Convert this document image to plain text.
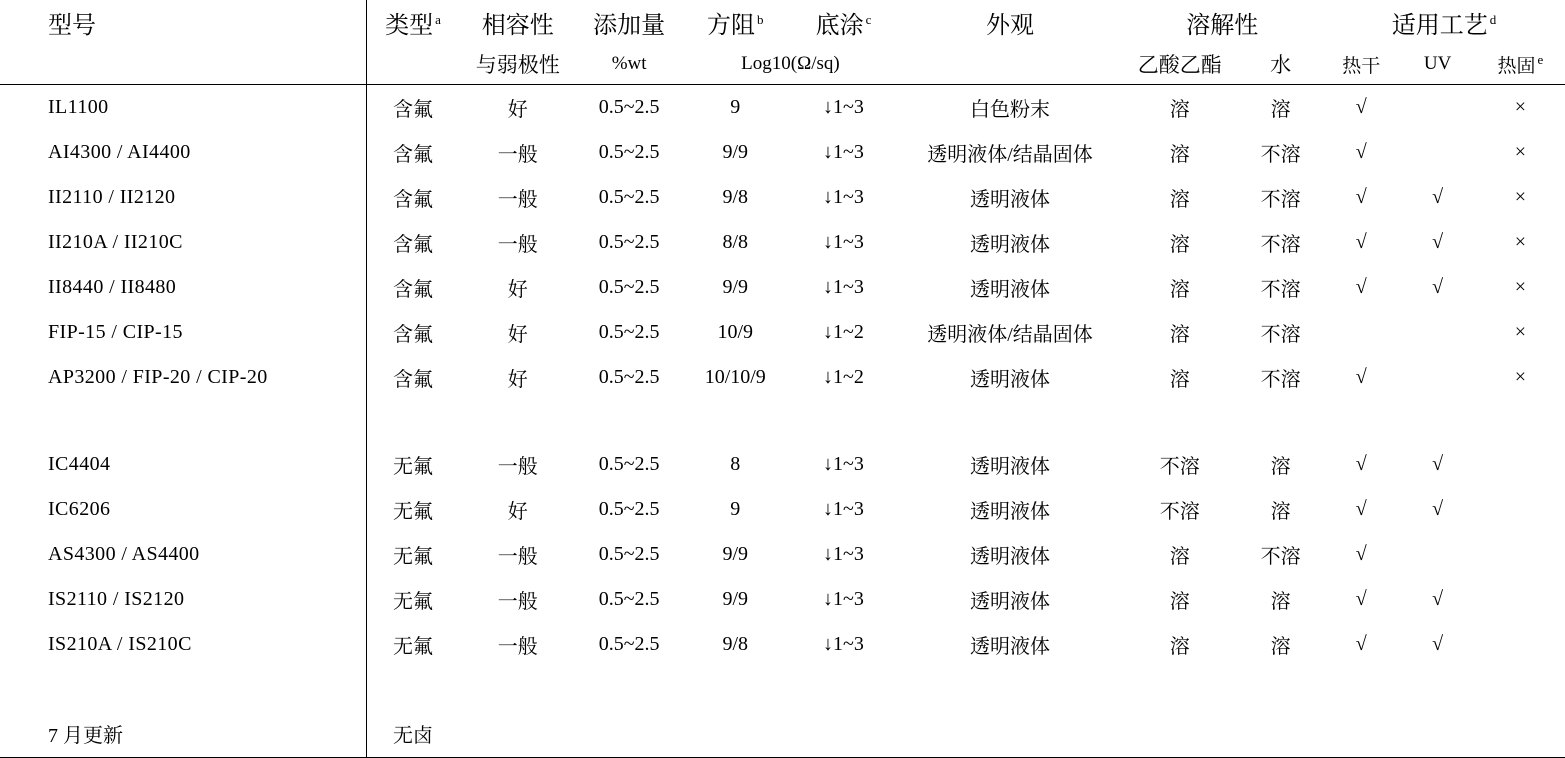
型号	类型 $^a$	相容性	添加量	方阻 $^b$	底涂 $^c$	外观	溶解性		适用工艺 $^d$
		与弱极性	%wt	Log10(Ω/sq)			乙酸乙酯	水	热干	UV	热固 $^e$
IL1100	含氟	好	0.5~2.5	9	↓1~3	白色粉末	溶	溶	√		×
AI4300 / AI4400	含氟	一般	0.5~2.5	9/9	↓1~3	透明液体/结晶固体	溶	不溶	√		×
II2110 / II2120	含氟	一般	0.5~2.5	9/8	↓1~3	透明液体	溶	不溶	√	√	×
II210A / II210C	含氟	一般	0.5~2.5	8/8	↓1~3	透明液体	溶	不溶	√	√	×
II8440 / II8480	含氟	好	0.5~2.5	9/9	↓1~3	透明液体	溶	不溶	√	√	×
FIP-15 / CIP-15	含氟	好	0.5~2.5	10/9	↓1~2	透明液体/结晶固体	溶	不溶			×
AP3200 / FIP-20 / CIP-20	含氟	好	0.5~2.5	10/10/9	↓1~2	透明液体	溶	不溶	√		×

IC4404	无氟	一般	0.5~2.5	8	↓1~3	透明液体	不溶	溶	√	√	
IC6206	无氟	好	0.5~2.5	9	↓1~3	透明液体	不溶	溶	√	√	
AS4300 / AS4400	无氟	一般	0.5~2.5	9/9	↓1~3	透明液体	溶	不溶	√		
IS2110 / IS2120	无氟	一般	0.5~2.5	9/9	↓1~3	透明液体	溶	溶	√	√	
IS210A / IS210C	无氟	一般	0.5~2.5	9/8	↓1~3	透明液体	溶	溶	√	√	

7 月更新	无卤										
